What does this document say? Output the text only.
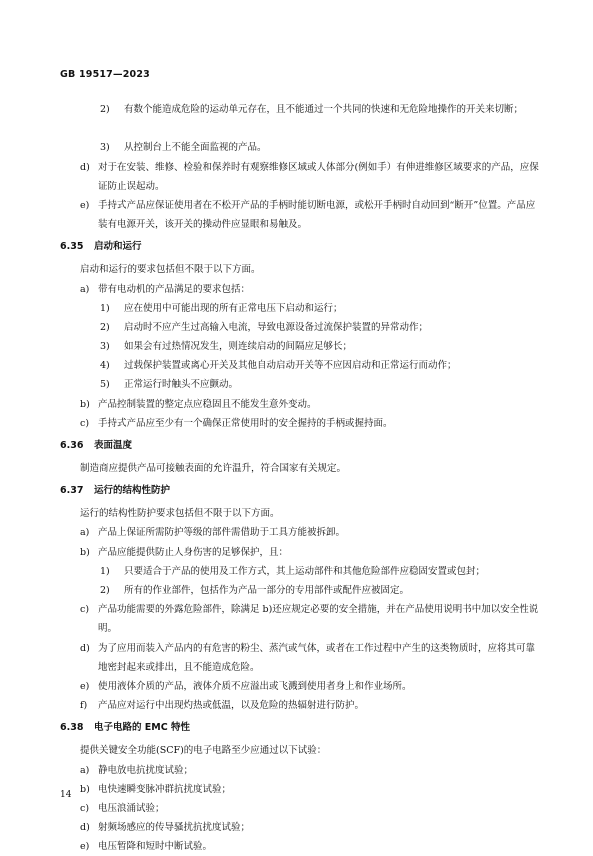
GB 19517—2023
2) 有数个能造成危险的运动单元存在，且不能通过一个共同的快速和无危险地操作的开关来切断；
3) 从控制台上不能全面监视的产品。
d) 对于在安装、维修、检验和保养时有观察维修区域或人体部分(例如手）有伸进维修区域要求的产品，应保证防止误起动。
e) 手持式产品应保证使用者在不松开产品的手柄时能切断电源，或松开手柄时自动回到“断开”位置。产品应装有电源开关，该开关的操动件应显眼和易触及。
6.35 启动和运行
启动和运行的要求包括但不限于以下方面。
a) 带有电动机的产品满足的要求包括：
1) 应在使用中可能出现的所有正常电压下启动和运行；
2) 启动时不应产生过高输入电流，导致电源设备过流保护装置的异常动作；
3) 如果会有过热情况发生，则连续启动的间隔应足够长；
4) 过载保护装置或离心开关及其他自动启动开关等不应因启动和正常运行而动作；
5) 正常运行时触头不应颤动。
b) 产品控制装置的整定点应稳固且不能发生意外变动。
c) 手持式产品应至少有一个确保正常使用时的安全握持的手柄或握持面。
6.36 表面温度
制造商应提供产品可接触表面的允许温升，符合国家有关规定。
6.37 运行的结构性防护
运行的结构性防护要求包括但不限于以下方面。
a) 产品上保证所需防护等级的部件需借助于工具方能被拆卸。
b) 产品应能提供防止人身伤害的足够保护，且：
1) 只要适合于产品的使用及工作方式，其上运动部件和其他危险部件应稳固安置或包封；
2) 所有的作业部件，包括作为产品一部分的专用部件或配件应被固定。
c) 产品功能需要的外露危险部件，除满足 b)还应规定必要的安全措施，并在产品使用说明书中加以安全性说明。
d) 为了应用而装入产品内的有危害的粉尘、蒸汽或气体，或者在工作过程中产生的这类物质时，应将其可靠地密封起来或排出，且不能造成危险。
e) 使用液体介质的产品，液体介质不应溢出或飞溅到使用者身上和作业场所。
f) 产品应对运行中出现灼热或低温，以及危险的热辐射进行防护。
6.38 电子电路的 EMC 特性
提供关键安全功能(SCF)的电子电路至少应通过以下试验：
a) 静电放电抗扰度试验；
b) 电快速瞬变脉冲群抗扰度试验；
c) 电压浪涌试验；
d) 射频场感应的传导骚扰抗扰度试验；
e) 电压暂降和短时中断试验。
14
